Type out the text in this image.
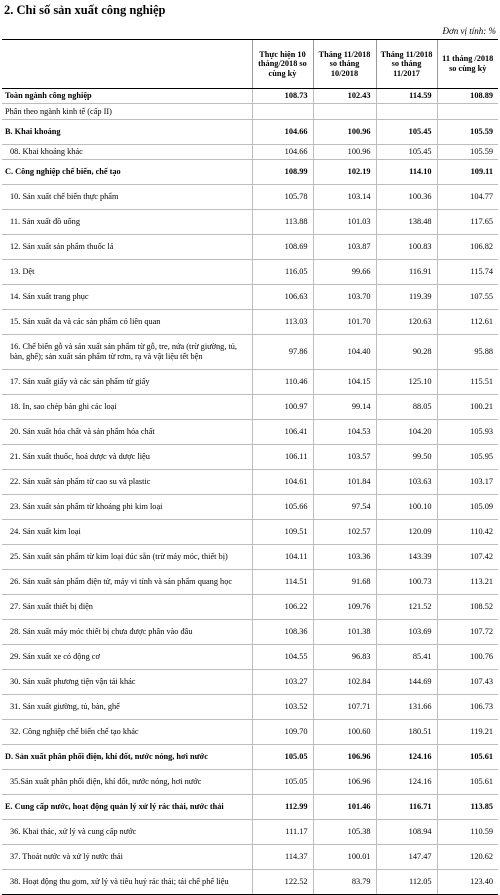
2. Chỉ số sản xuất công nghiệp
Đơn vị tính: %
	Thực hiện 10 tháng/2018 so cùng kỳ	Tháng 11/2018 so tháng 10/2018	Tháng 11/2018 so tháng 11/2017	11 tháng /2018 so cùng kỳ
Toàn ngành công nghiệp	108.73	102.43	114.59	108.89
Phân theo ngành kinh tế (cấp II)				
B. Khai khoáng	104.66	100.96	105.45	105.59
08. Khai khoáng khác	104.66	100.96	105.45	105.59
C. Công nghiệp chế biến, chế tạo	108.99	102.19	114.10	109.11
10. Sản xuất chế biến thực phẩm	105.78	103.14	100.36	104.77
11. Sản xuất đồ uống	113.88	101.03	138.48	117.65
12. Sản xuất sản phẩm thuốc lá	108.69	103.87	100.83	106.82
13. Dệt	116.05	99.66	116.91	115.74
14. Sản xuất trang phục	106.63	103.70	119.39	107.55
15. Sản xuất da và các sản phẩm có liên quan	113.03	101.70	120.63	112.61
16. Chế biến gỗ và sản xuất sản phẩm từ gỗ, tre, nứa (trừ giường, tủ, bàn, ghế); sản xuất sản phẩm từ rơm, rạ và vật liệu tết bện	97.86	104.40	90.28	95.88
17. Sản xuất giấy và các sản phẩm từ giấy	110.46	104.15	125.10	115.51
18. In, sao chép bản ghi các loại	100.97	99.14	88.05	100.21
20. Sản xuất hóa chất và sản phẩm hóa chất	106.41	104.53	104.20	105.93
21. Sản xuất thuốc, hoá dược và dược liệu	106.11	103.57	99.50	105.95
22. Sản xuất sản phẩm từ cao su và plastic	104.61	101.84	103.63	103.17
23. Sản xuất sản phẩm từ khoáng phi kim loại	105.66	97.54	100.10	105.09
24. Sản xuất kim loại	109.51	102.57	120.09	110.42
25. Sản xuất sản phẩm từ kim loại đúc sẵn (trừ máy móc, thiết bị)	104.11	103.36	143.39	107.42
26. Sản xuất sản phẩm điện tử, máy vi tính và sản phẩm quang học	114.51	91.68	100.73	113.21
27. Sản xuất thiết bị điện	106.22	109.76	121.52	108.52
28. Sản xuất máy móc thiết bị chưa được phân vào đâu	108.36	101.38	103.69	107.72
29. Sản xuất xe có động cơ	104.55	96.83	85.41	100.76
30. Sản xuất phương tiện vận tải khác	103.27	102.84	144.69	107.43
31. Sản xuất giường, tủ, bàn, ghế	103.52	107.71	131.66	106.73
32. Công nghiệp chế biến chế tạo khác	109.70	100.60	180.51	119.21
D. Sản xuất phân phối điện, khí đốt, nước nóng, hơi nước	105.05	106.96	124.16	105.61
35.Sản xuất phân phối điện, khí đốt, nước nóng, hơi nước	105.05	106.96	124.16	105.61
E. Cung cấp nước, hoạt động quản lý xử lý rác thải, nước thải	112.99	101.46	116.71	113.85
36. Khai thác, xử lý và cung cấp nước	111.17	105.38	108.94	110.59
37. Thoát nước và xử lý nước thải	114.37	100.01	147.47	120.62
38. Hoạt động thu gom, xử lý và tiêu huỷ rác thải; tái chế phế liệu	122.52	83.79	112.05	123.40
